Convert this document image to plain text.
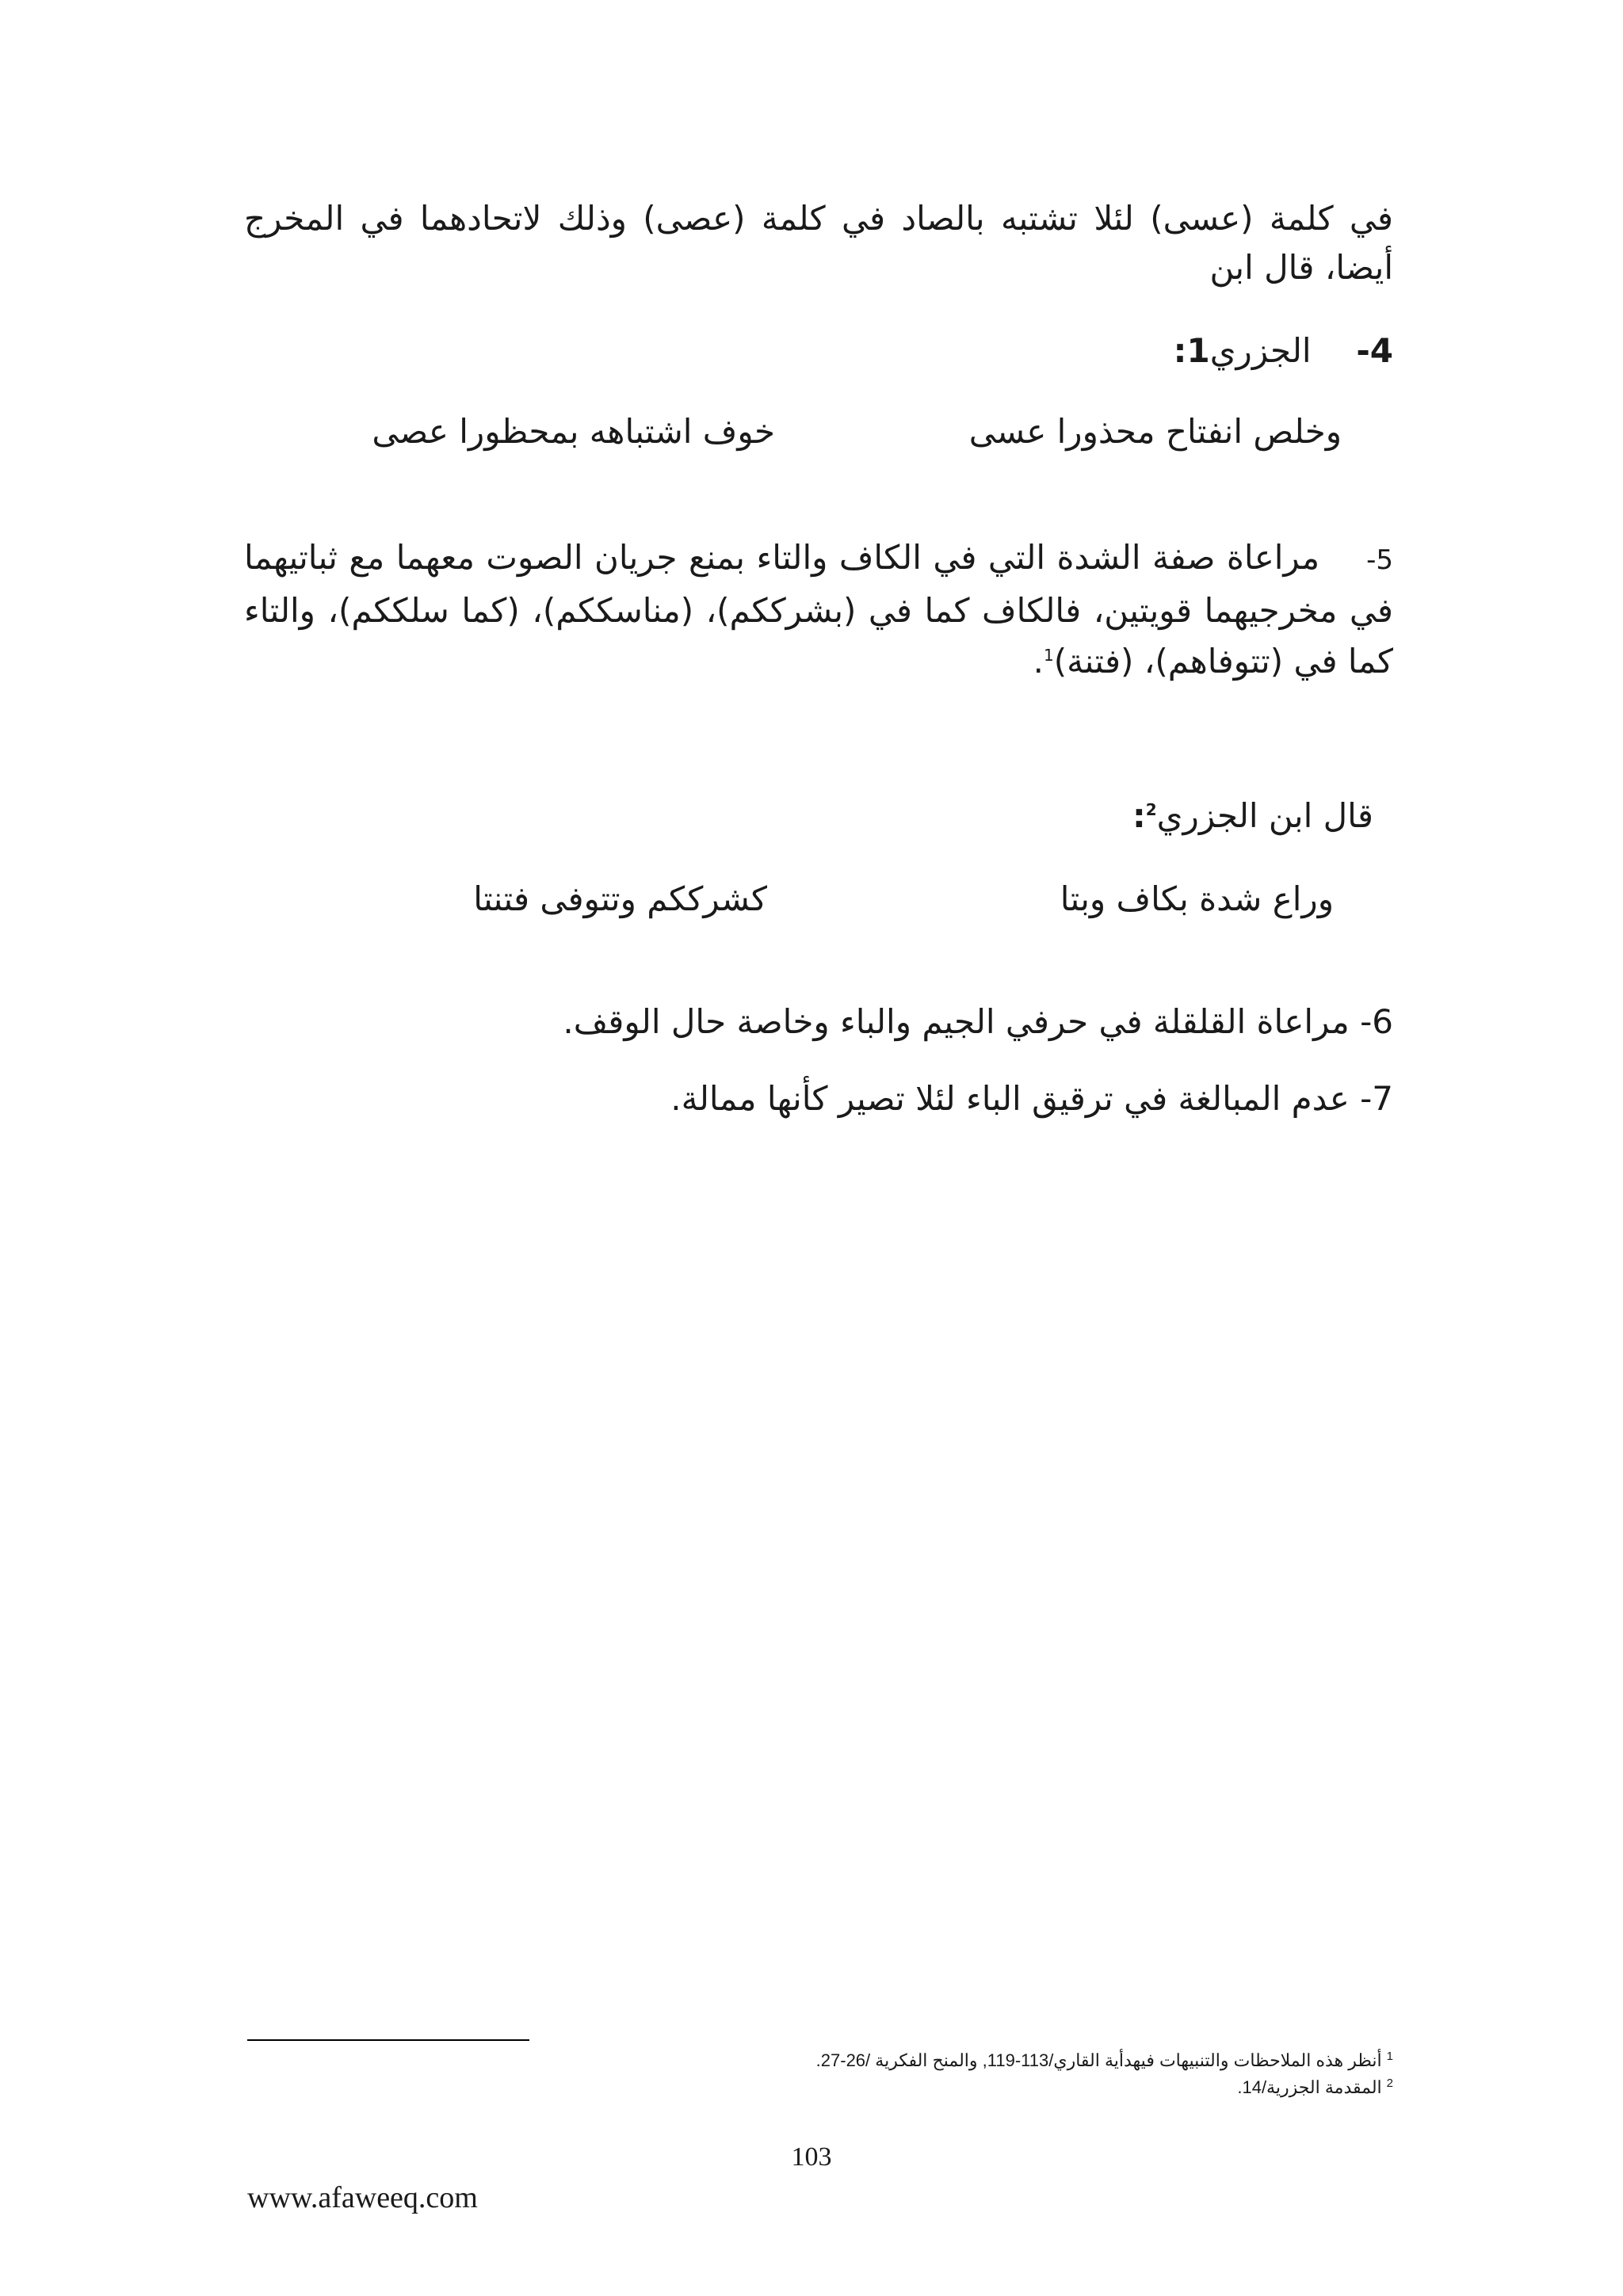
في كلمة (عسى) لئلا تشتبه بالصاد في كلمة (عصى) وذلك لاتحادهما في المخرج أيضا، قال ابن
4-  الجزري1:
وخلص انفتاح محذورا عسى
خوف اشتباهه بمحظورا عصى
5-  مراعاة صفة الشدة التي في الكاف والتاء بمنع جريان الصوت معهما مع ثباتيهما في مخرجيهما قويتين، فالكاف كما في (بشرككم)، (مناسككم)، (كما سلككم)، والتاء كما في (تتوفاهم)، (فتنة)$^1$.
قال ابن الجزري$^2$:
وراع شدة بكاف وبتا
كشرككم وتتوفى فتنتا
6- مراعاة القلقلة في حرفي الجيم والباء وخاصة حال الوقف.
7- عدم المبالغة في ترقيق الباء لئلا تصير كأنها ممالة.
$^1$أنظر هذه الملاحظات والتنبيهات فيهدأية القاري/113-119, والمنح الفكرية /26-27.
$^2$المقدمة الجزرية/14.
103
www.afaweeq.com
